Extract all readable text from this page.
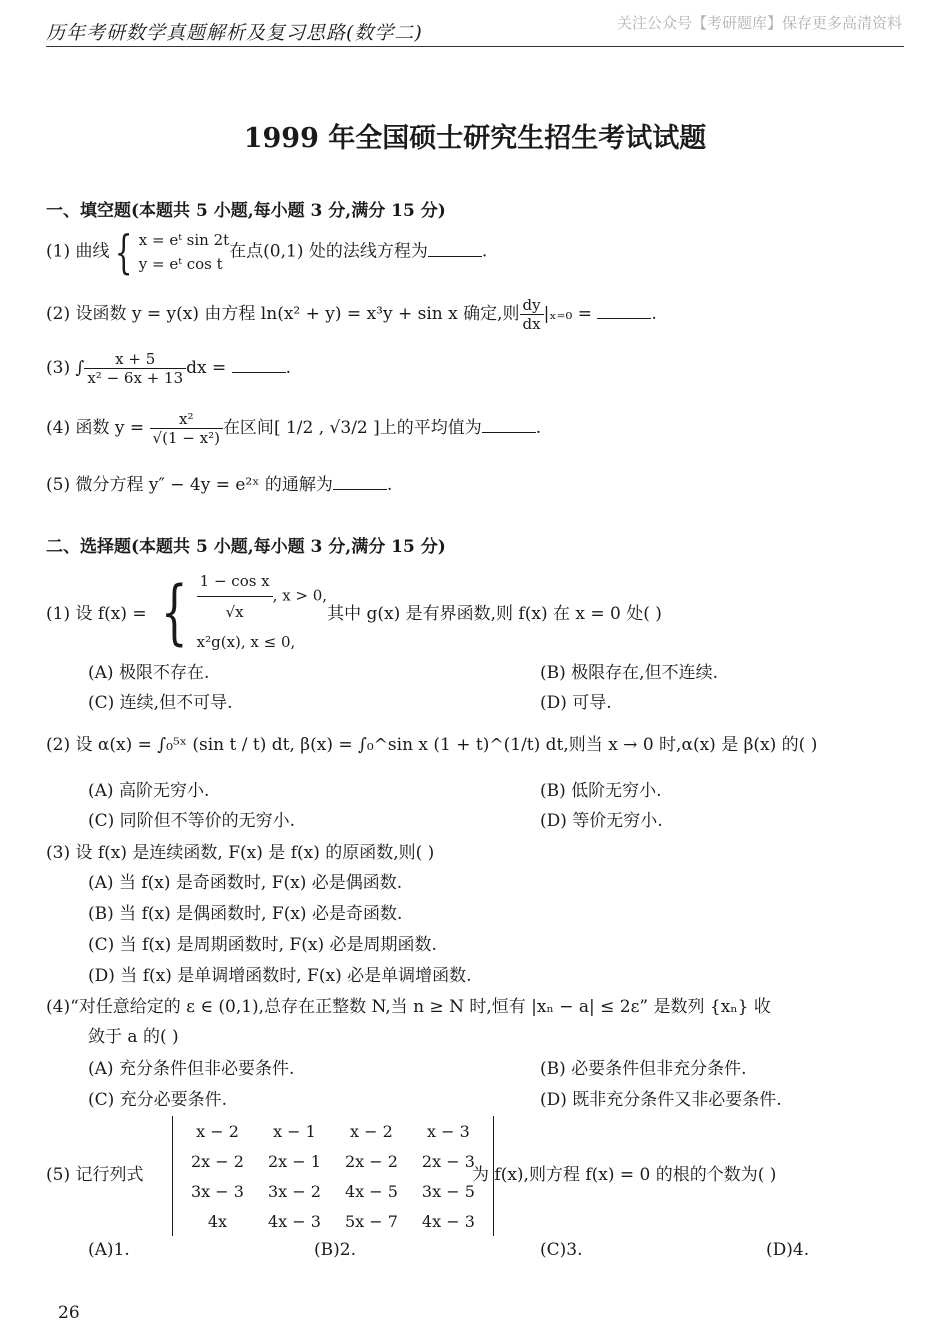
历年考研数学真题解析及复习思路(数学二)	关注公众号【考研题库】保存更多高清资料
1999 年全国硕士研究生招生考试试题
一、填空题(本题共 5 小题,每小题 3 分,满分 15 分)
(1) 曲线 { x = eᵗ sin 2t
y = eᵗ cos t
在点(0,1) 处的法线方程为	.
(2) 设函数 y = y(x) 由方程 ln(x² + y) = x³y + sin x 确定,则 $\frac{dy}{dx} |_{x=0}$ =	.
(3) ∫ $\frac{x + 5}{\text{x² − 6x + 13}}$ dx =	.
(4) 函数 $y = \frac{\text{x²}}{\text{√(1 − x²)}}$ 在区间[ 1/2 , √3/2 ]上的平均值为	.
(5) 微分方程 y″ − 4y = e²ˣ 的通解为	.
二、选择题(本题共 5 小题,每小题 3 分,满分 15 分)
(1) 设 f(x) = { $\frac{\text{1 − cos x}}{√x}$ , x > 0,
x²g(x), x ≤ 0,
其中 g(x) 是有界函数,则 f(x) 在 x = 0 处( )
(A) 极限不存在.	(B) 极限存在,但不连续.
(C) 连续,但不可导.	(D) 可导.
(2) 设 α(x) = ∫₀⁵ˣ (sin t / t) dt, β(x) = ∫₀^sin x (1 + t)^(1/t) dt,则当 x → 0 时,α(x) 是 β(x) 的( )
(A) 高阶无穷小.	(B) 低阶无穷小.
(C) 同阶但不等价的无穷小.	(D) 等价无穷小.
(3) 设 f(x) 是连续函数, F(x) 是 f(x) 的原函数,则( )
(A) 当 f(x) 是奇函数时, F(x) 必是偶函数.
(B) 当 f(x) 是偶函数时, F(x) 必是奇函数.
(C) 当 f(x) 是周期函数时, F(x) 必是周期函数.
(D) 当 f(x) 是单调增函数时, F(x) 必是单调增函数.
(4)“对任意给定的 ε ∈ (0,1),总存在正整数 N,当 n ≥ N 时,恒有 |xₙ − a| ≤ 2ε” 是数列 {xₙ} 收
敛于 a 的( )
(A) 充分条件但非必要条件.	(B) 必要条件但非充分条件.
(C) 充分必要条件.	(D) 既非充分条件又非必要条件.
(5) 记行列式
x − 2	x − 1	x − 2	x − 3
2x − 2	2x − 1	2x − 2	2x − 3
3x − 3	3x − 2	4x − 5	3x − 5
4x	4x − 3	5x − 7	4x − 3
为 f(x),则方程 f(x) = 0 的根的个数为( )
(A)1.	(B)2.	(C)3.	(D)4.
26
